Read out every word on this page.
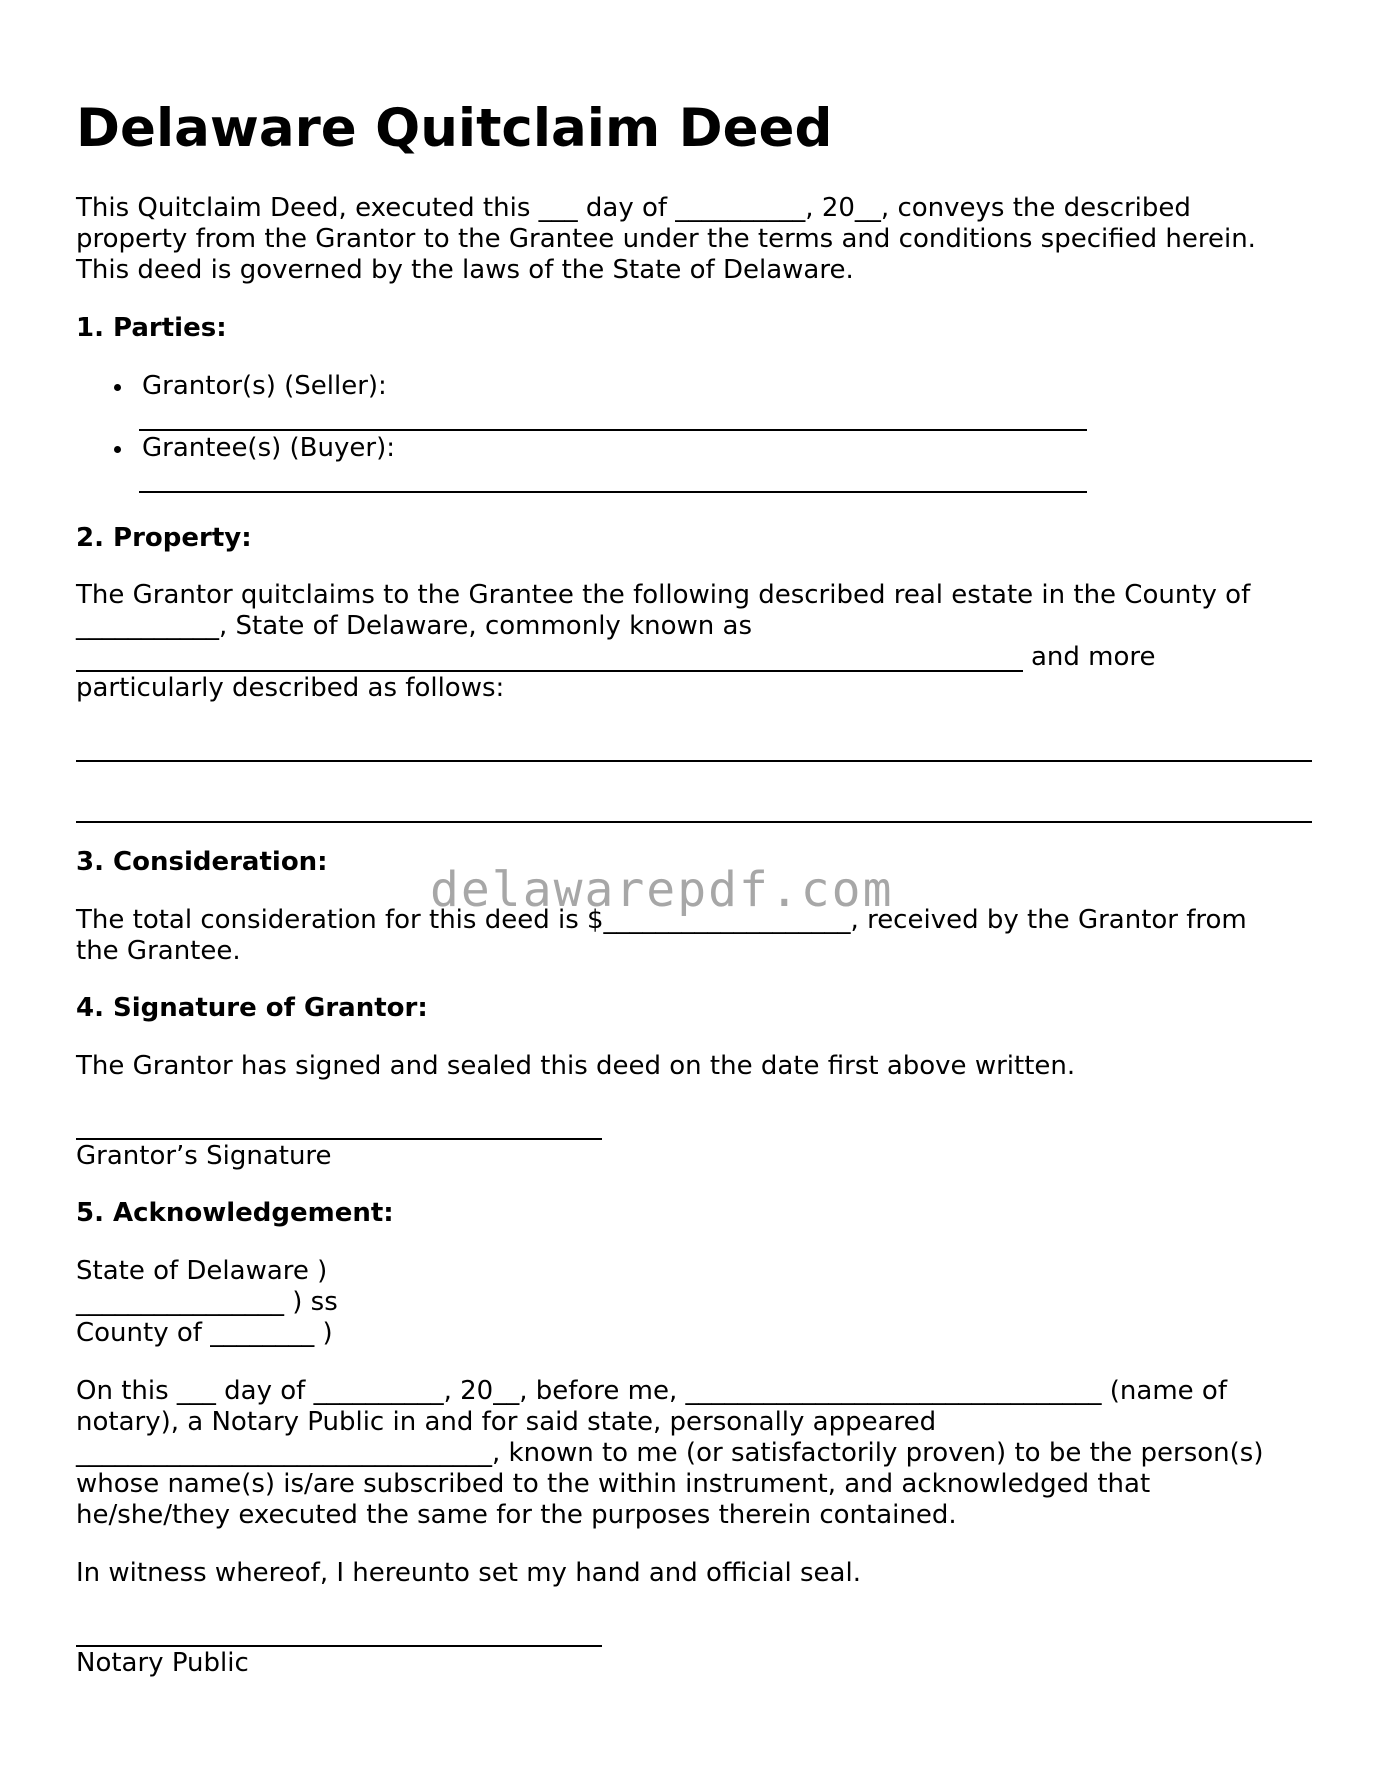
Delaware Quitclaim Deed
This Quitclaim Deed, executed this ___ day of __________, 20__, conveys the described
property from the Grantor to the Grantee under the terms and conditions specified herein.
This deed is governed by the laws of the State of Delaware.
1. Parties:
Grantor(s) (Seller):
Grantee(s) (Buyer):
2. Property:
The Grantor quitclaims to the Grantee the following described real estate in the County of
___________, State of Delaware, commonly known as
and more
particularly described as follows:
3. Consideration:
The total consideration for this deed is $___________________, received by the Grantor from
the Grantee.
4. Signature of Grantor:
The Grantor has signed and sealed this deed on the date first above written.
Grantor’s Signature
5. Acknowledgement:
State of Delaware )
________________ ) ss
County of ________ )
On this ___ day of __________, 20__, before me, ________________________________ (name of
notary), a Notary Public in and for said state, personally appeared
________________________________, known to me (or satisfactorily proven) to be the person(s)
whose name(s) is/are subscribed to the within instrument, and acknowledged that
he/she/they executed the same for the purposes therein contained.
In witness whereof, I hereunto set my hand and official seal.
Notary Public
delawarepdf.com
